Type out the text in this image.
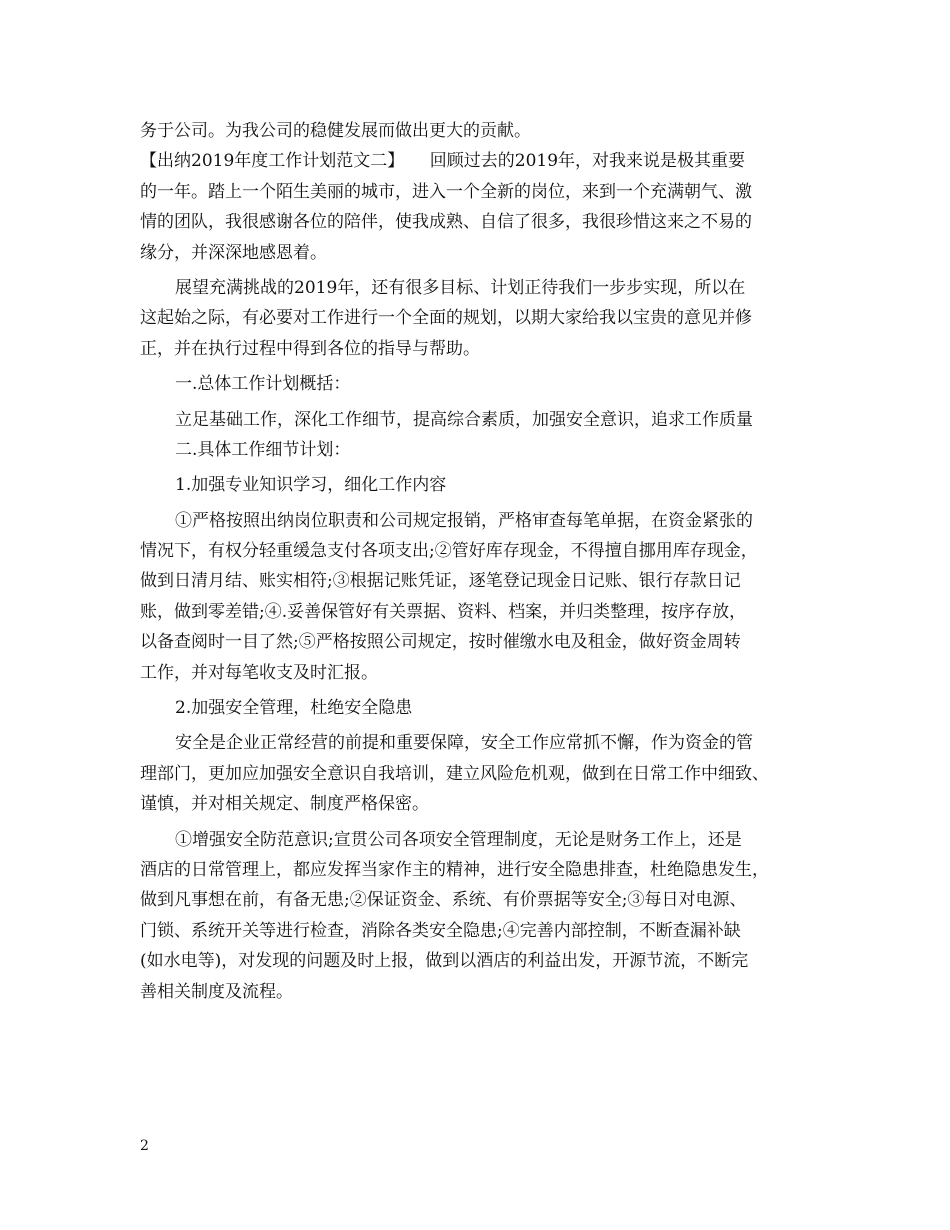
务于公司。为我公司的稳健发展而做出更大的贡献。
【出纳2019年度工作计划范文二】　　回顾过去的2019年，对我来说是极其重要
的一年。踏上一个陌生美丽的城市，进入一个全新的岗位，来到一个充满朝气、激
情的团队，我很感谢各位的陪伴，使我成熟、自信了很多，我很珍惜这来之不易的
缘分，并深深地感恩着。
展望充满挑战的2019年，还有很多目标、计划正待我们一步步实现，所以在
这起始之际，有必要对工作进行一个全面的规划，以期大家给我以宝贵的意见并修
正，并在执行过程中得到各位的指导与帮助。
一.总体工作计划概括：
立足基础工作，深化工作细节，提高综合素质，加强安全意识，追求工作质量
二.具体工作细节计划：
1.加强专业知识学习，细化工作内容
①严格按照出纳岗位职责和公司规定报销，严格审查每笔单据，在资金紧张的
情况下，有权分轻重缓急支付各项支出;②管好库存现金，不得擅自挪用库存现金，
做到日清月结、账实相符;③根据记账凭证，逐笔登记现金日记账、银行存款日记
账，做到零差错;④.妥善保管好有关票据、资料、档案，并归类整理，按序存放，
以备查阅时一目了然;⑤严格按照公司规定，按时催缴水电及租金，做好资金周转
工作，并对每笔收支及时汇报。
2.加强安全管理，杜绝安全隐患
安全是企业正常经营的前提和重要保障，安全工作应常抓不懈，作为资金的管
理部门，更加应加强安全意识自我培训，建立风险危机观，做到在日常工作中细致、
谨慎，并对相关规定、制度严格保密。
①增强安全防范意识;宣贯公司各项安全管理制度，无论是财务工作上，还是
酒店的日常管理上，都应发挥当家作主的精神，进行安全隐患排查，杜绝隐患发生，
做到凡事想在前，有备无患;②保证资金、系统、有价票据等安全;③每日对电源、
门锁、系统开关等进行检查，消除各类安全隐患;④完善内部控制，不断查漏补缺
(如水电等)，对发现的问题及时上报，做到以酒店的利益出发，开源节流，不断完
善相关制度及流程。
2
